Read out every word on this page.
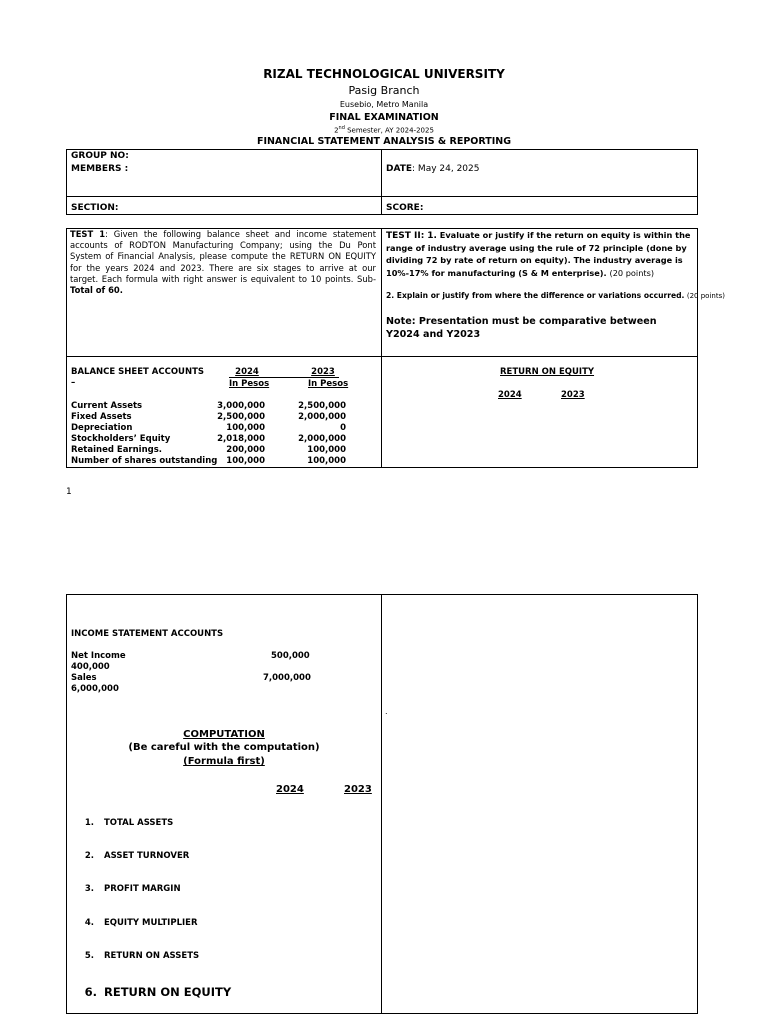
RIZAL TECHNOLOGICAL UNIVERSITY
Pasig Branch
Eusebio, Metro Manila
FINAL EXAMINATION
2nd Semester, AY 2024-2025
FINANCIAL STATEMENT ANALYSIS & REPORTING
GROUP NO:
MEMBERS :	DATE: May 24, 2025
SECTION:	SCORE:
TEST 1: Given the following balance sheet and income statement accounts of RODTON Manufacturing Company; using the Du Pont System of Financial Analysis, please compute the RETURN ON EQUITY for the years 2024 and 2023. There are six stages to arrive at our target. Each formula with right answer is equivalent to 10 points. Sub-Total of 60.
TEST II: 1. Evaluate or justify if the return on equity is within the range of industry average using the rule of 72 principle (done by dividing 72 by rate of return on equity). The industry average is 10%-17% for manufacturing (S & M enterprise). (20 points)
2. Explain or justify from where the difference or variations occurred. (20 points)
Note: Presentation must be comparative between Y2024 and Y2023
BALANCE SHEET ACCOUNTS
–
2024	2023
In Pesos	In Pesos
Current Assets	3,000,000	2,500,000
Fixed Assets	2,500,000	2,000,000
Depreciation	100,000	0
Stockholders’ Equity	2,018,000	2,000,000
Retained Earnings.	200,000	100,000
Number of shares outstanding 100,000	100,000
RETURN ON EQUITY
2024	2023
1
INCOME STATEMENT ACCOUNTS
Net Income	500,000
400,000
Sales	7,000,000
6,000,000
COMPUTATION
(Be careful with the computation)
(Formula first)
2024	2023
1. TOTAL ASSETS
2. ASSET TURNOVER
3. PROFIT MARGIN
4. EQUITY MULTIPLIER
5. RETURN ON ASSETS
6. RETURN ON EQUITY
.
